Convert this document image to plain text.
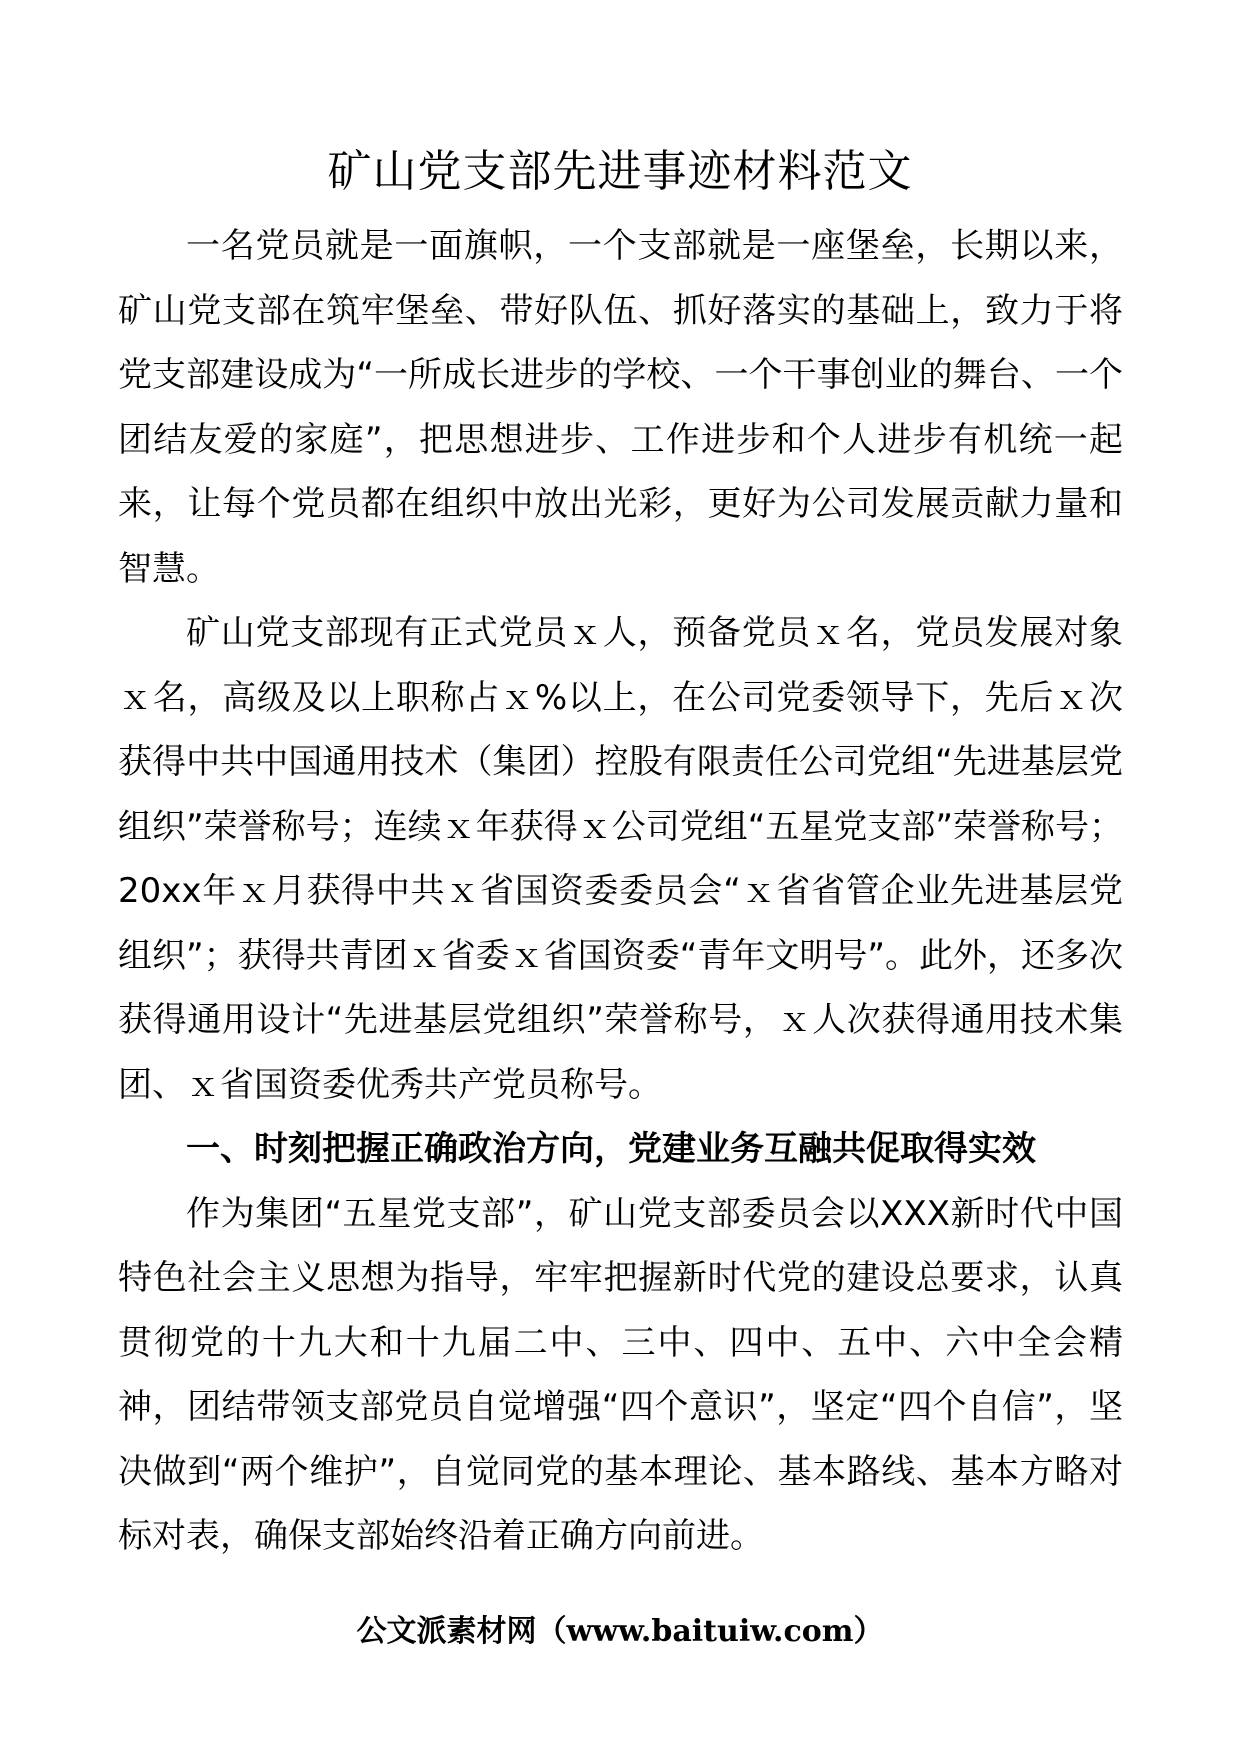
矿山党支部先进事迹材料范文

一名党员就是一面旗帜，一个支部就是一座堡垒，长期以来，矿山党支部在筑牢堡垒、带好队伍、抓好落实的基础上，致力于将党支部建设成为“一所成长进步的学校、一个干事创业的舞台、一个团结友爱的家庭”，把思想进步、工作进步和个人进步有机统一起来，让每个党员都在组织中放出光彩，更好为公司发展贡献力量和智慧。

矿山党支部现有正式党员ｘ人，预备党员ｘ名，党员发展对象ｘ名，高级及以上职称占ｘ%以上，在公司党委领导下，先后ｘ次获得中共中国通用技术（集团）控股有限责任公司党组“先进基层党组织”荣誉称号；连续ｘ年获得ｘ公司党组“五星党支部”荣誉称号；20xx年ｘ月获得中共ｘ省国资委委员会“ｘ省省管企业先进基层党组织”；获得共青团ｘ省委ｘ省国资委“青年文明号”。此外，还多次获得通用设计“先进基层党组织”荣誉称号，ｘ人次获得通用技术集团、ｘ省国资委优秀共产党员称号。

一、时刻把握正确政治方向，党建业务互融共促取得实效

作为集团“五星党支部”，矿山党支部委员会以XXX新时代中国特色社会主义思想为指导，牢牢把握新时代党的建设总要求，认真贯彻党的十九大和十九届二中、三中、四中、五中、六中全会精神，团结带领支部党员自觉增强“四个意识”，坚定“四个自信”，坚决做到“两个维护”，自觉同党的基本理论、基本路线、基本方略对标对表，确保支部始终沿着正确方向前进。

公文派素材网（www.baituiw.com）
